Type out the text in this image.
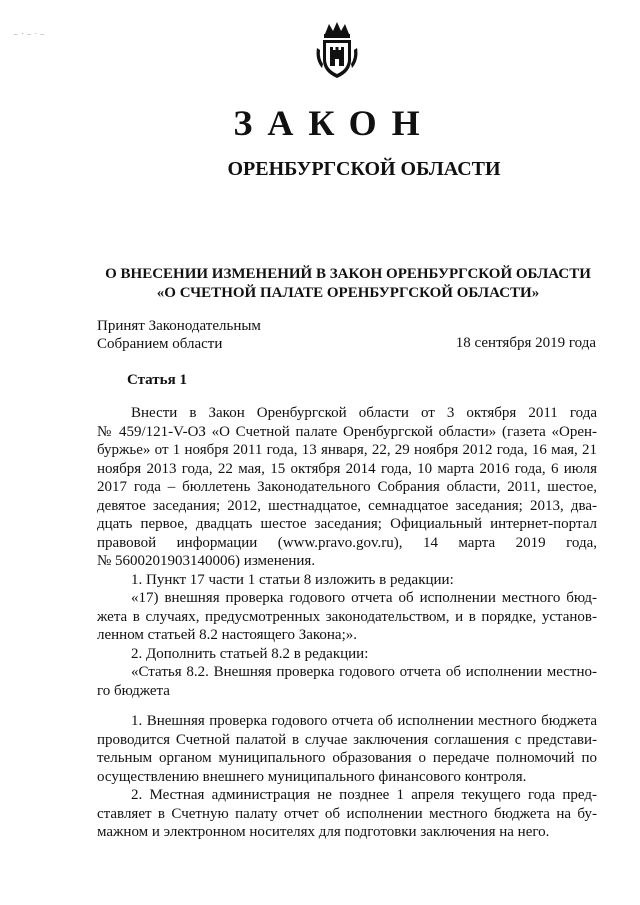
– · – · –
ЗАКОН
ОРЕНБУРГСКОЙ ОБЛАСТИ
О ВНЕСЕНИИ ИЗМЕНЕНИЙ В ЗАКОН ОРЕНБУРГСКОЙ ОБЛАСТИ
«О СЧЕТНОЙ ПАЛАТЕ ОРЕНБУРГСКОЙ ОБЛАСТИ»
Принят Законодательным
Собранием области	18 сентября 2019 года
Статья 1
Внести в Закон Оренбургской области от 3 октября 2011 года
№ 459/121-V-ОЗ «О Счетной палате Оренбургской области» (газета «Орен-
буржье» от 1 ноября 2011 года, 13 января, 22, 29 ноября 2012 года, 16 мая, 21
ноября 2013 года, 22 мая, 15 октября 2014 года, 10 марта 2016 года, 6 июля
2017 года – бюллетень Законодательного Собрания области, 2011, шестое,
девятое заседания; 2012, шестнадцатое, семнадцатое заседания; 2013, два-
дцать первое, двадцать шестое заседания; Официальный интернет-портал
правовой информации (www.pravo.gov.ru), 14 марта 2019 года,
№ 5600201903140006) изменения.
1. Пункт 17 части 1 статьи 8 изложить в редакции:
«17) внешняя проверка годового отчета об исполнении местного бюд-
жета в случаях, предусмотренных законодательством, и в порядке, установ-
ленном статьей 8.2 настоящего Закона;».
2. Дополнить статьей 8.2 в редакции:
«Статья 8.2. Внешняя проверка годового отчета об исполнении местно-
го бюджета
1. Внешняя проверка годового отчета об исполнении местного бюджета
проводится Счетной палатой в случае заключения соглашения с представи-
тельным органом муниципального образования о передаче полномочий по
осуществлению внешнего муниципального финансового контроля.
2. Местная администрация не позднее 1 апреля текущего года пред-
ставляет в Счетную палату отчет об исполнении местного бюджета на бу-
мажном и электронном носителях для подготовки заключения на него.
